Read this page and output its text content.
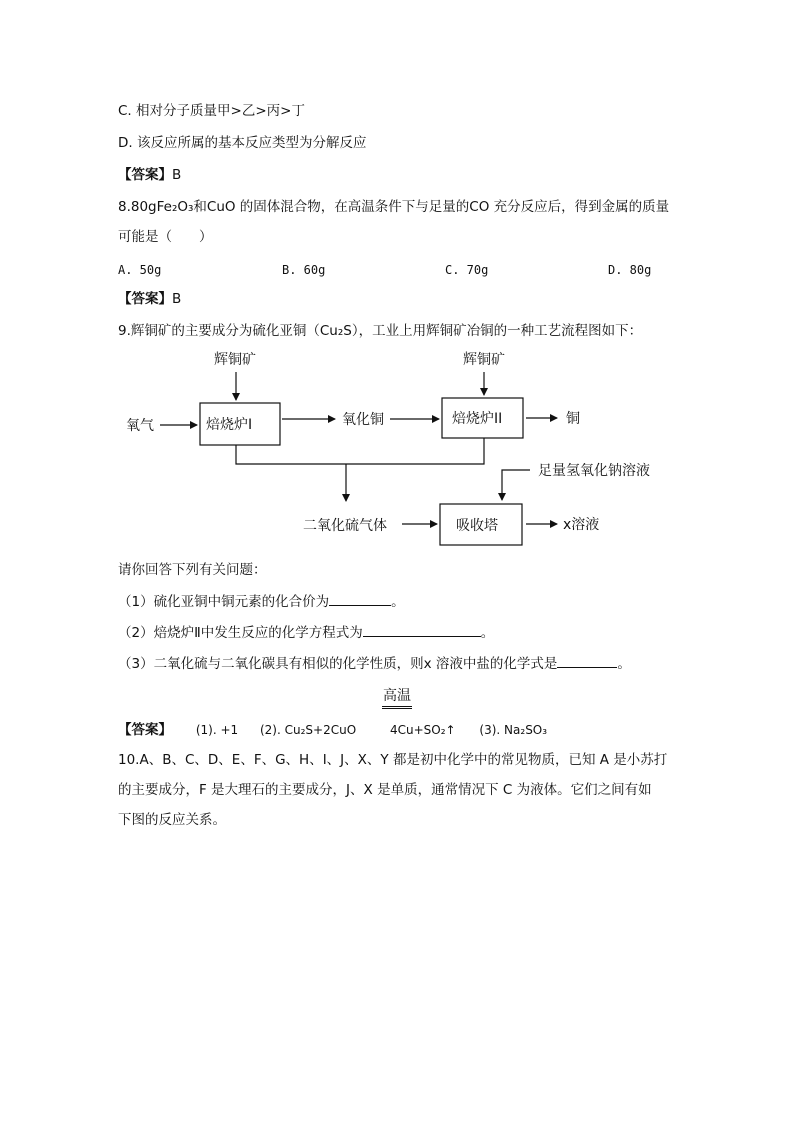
C. 相对分子质量甲>乙>丙>丁
D. 该反应所属的基本反应类型为分解反应
【答案】B
8.80gFe₂O₃和CuO 的固体混合物，在高温条件下与足量的CO 充分反应后，得到金属的质量
可能是（　　）
A. 50g	B. 60g	C. 70g	D. 80g
【答案】B
9.辉铜矿的主要成分为硫化亚铜（Cu₂S），工业上用辉铜矿冶铜的一种工艺流程图如下：
辉铜矿	辉铜矿
氧气	焙烧炉I	氧化铜	焙烧炉II	铜
足量氢氧化钠溶液
二氧化硫气体	吸收塔	x溶液
请你回答下列有关问题：
（1）硫化亚铜中铜元素的化合价为	。
（2）焙烧炉Ⅱ中发生反应的化学方程式为	。
（3）二氧化硫与二氧化碳具有相似的化学性质，则x 溶液中盐的化学式是	。
高温
【答案】 (1). +1 (2). Cu₂S+2CuO	4Cu+SO₂↑ (3). Na₂SO₃
10.A、B、C、D、E、F、G、H、I、J、X、Y 都是初中化学中的常见物质，已知 A 是小苏打
的主要成分，F 是大理石的主要成分，J、X 是单质，通常情况下 C 为液体。它们之间有如
下图的反应关系。
